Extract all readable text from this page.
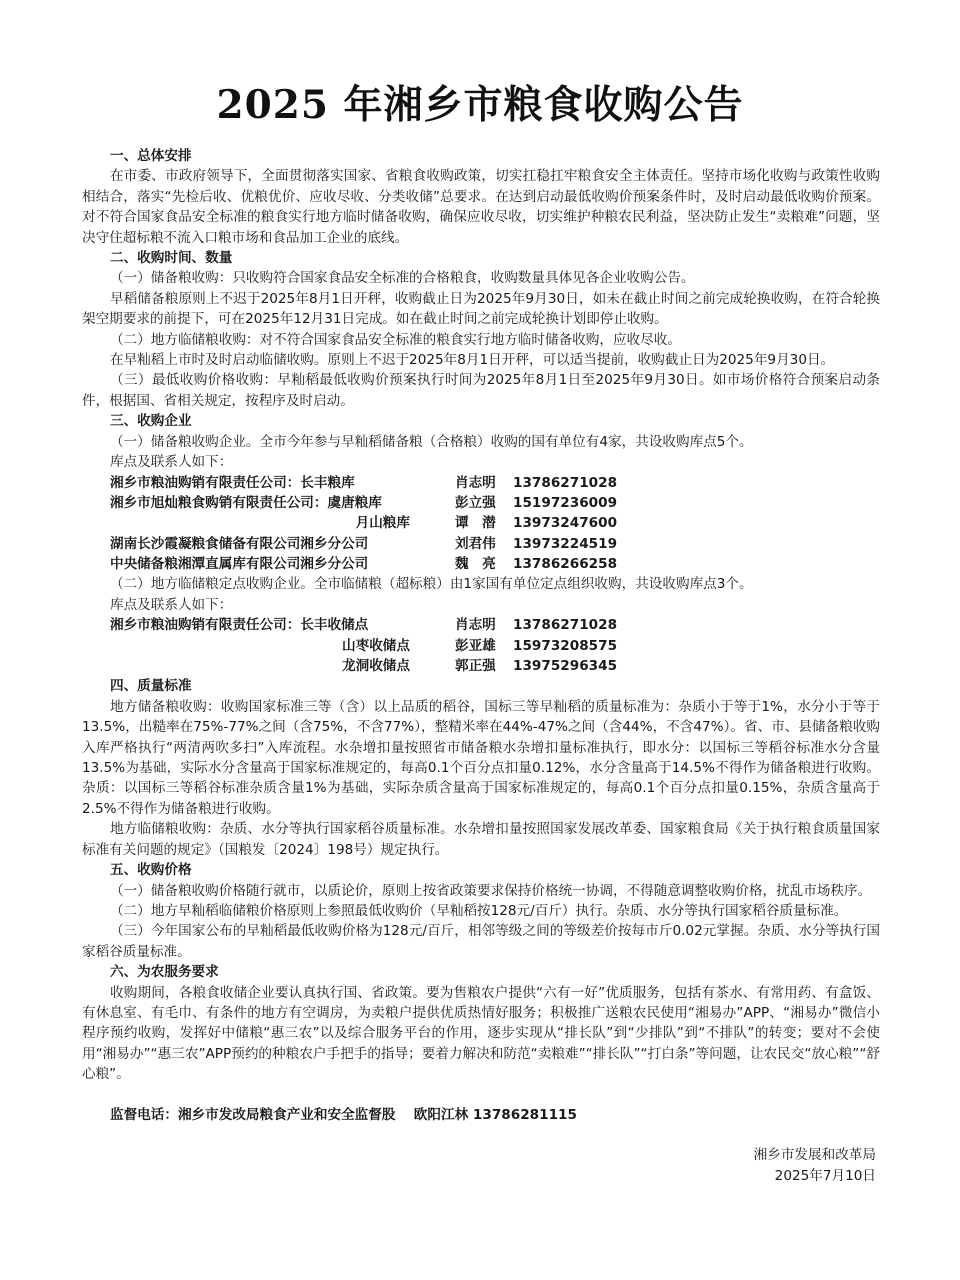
2025 年湘乡市粮食收购公告
一、总体安排
在市委、市政府领导下，全面贯彻落实国家、省粮食收购政策，切实扛稳扛牢粮食安全主体责任。坚持市场化收购与政策性收购相结合，落实“先检后收、优粮优价、应收尽收、分类收储”总要求。在达到启动最低收购价预案条件时，及时启动最低收购价预案。对不符合国家食品安全标准的粮食实行地方临时储备收购，确保应收尽收，切实维护种粮农民利益，坚决防止发生“卖粮难”问题，坚决守住超标粮不流入口粮市场和食品加工企业的底线。
二、收购时间、数量
（一）储备粮收购：只收购符合国家食品安全标准的合格粮食，收购数量具体见各企业收购公告。
早稻储备粮原则上不迟于2025年8月1日开秤，收购截止日为2025年9月30日，如未在截止时间之前完成轮换收购，在符合轮换架空期要求的前提下，可在2025年12月31日完成。如在截止时间之前完成轮换计划即停止收购。
（二）地方临储粮收购：对不符合国家食品安全标准的粮食实行地方临时储备收购，应收尽收。
在早籼稻上市时及时启动临储收购。原则上不迟于2025年8月1日开秤，可以适当提前，收购截止日为2025年9月30日。
（三）最低收购价格收购：早籼稻最低收购价预案执行时间为2025年8月1日至2025年9月30日。如市场价格符合预案启动条件，根据国、省相关规定，按程序及时启动。
三、收购企业
（一）储备粮收购企业。全市今年参与早籼稻储备粮（合格粮）收购的国有单位有4家，共设收购库点5个。
库点及联系人如下：
湘乡市粮油购销有限责任公司：长丰粮库	肖志明 13786271028
湘乡市旭灿粮食购销有限责任公司：虞唐粮库	彭立强 15197236009
月山粮库	谭　潜 13973247600
湖南长沙霞凝粮食储备有限公司湘乡分公司	刘君伟 13973224519
中央储备粮湘潭直属库有限公司湘乡分公司	魏　亮 13786266258
（二）地方临储粮定点收购企业。全市临储粮（超标粮）由1家国有单位定点组织收购，共设收购库点3个。
库点及联系人如下：
湘乡市粮油购销有限责任公司：长丰收储点	肖志明 13786271028
山枣收储点	彭亚雄 15973208575
龙洞收储点	郭正强 13975296345
四、质量标准
地方储备粮收购：收购国家标准三等（含）以上品质的稻谷，国标三等早籼稻的质量标准为：杂质小于等于1%，水分小于等于13.5%，出糙率在75%-77%之间（含75%，不含77%），整精米率在44%-47%之间（含44%，不含47%）。省、市、县储备粮收购入库严格执行“两清两吹多扫”入库流程。水杂增扣量按照省市储备粮水杂增扣量标准执行，即水分：以国标三等稻谷标准水分含量13.5%为基础，实际水分含量高于国家标准规定的，每高0.1个百分点扣量0.12%，水分含量高于14.5%不得作为储备粮进行收购。杂质：以国标三等稻谷标准杂质含量1%为基础，实际杂质含量高于国家标准规定的，每高0.1个百分点扣量0.15%，杂质含量高于2.5%不得作为储备粮进行收购。
地方临储粮收购：杂质、水分等执行国家稻谷质量标准。水杂增扣量按照国家发展改革委、国家粮食局《关于执行粮食质量国家标准有关问题的规定》（国粮发〔2024〕198号）规定执行。
五、收购价格
（一）储备粮收购价格随行就市，以质论价，原则上按省政策要求保持价格统一协调，不得随意调整收购价格，扰乱市场秩序。
（二）地方早籼稻临储粮价格原则上参照最低收购价（早籼稻按128元/百斤）执行。杂质、水分等执行国家稻谷质量标准。
（三）今年国家公布的早籼稻最低收购价格为128元/百斤，相邻等级之间的等级差价按每市斤0.02元掌握。杂质、水分等执行国家稻谷质量标准。
六、为农服务要求
收购期间，各粮食收储企业要认真执行国、省政策。要为售粮农户提供“六有一好”优质服务，包括有茶水、有常用药、有盒饭、有休息室、有毛巾、有条件的地方有空调房，为卖粮户提供优质热情好服务；积极推广送粮农民使用“湘易办”APP、“湘易办”微信小程序预约收购，发挥好中储粮“惠三农”以及综合服务平台的作用，逐步实现从“排长队”到“少排队”到“不排队”的转变；要对不会使用“湘易办”“惠三农”APP预约的种粮农户手把手的指导；要着力解决和防范“卖粮难”“排长队”“打白条”等问题，让农民交“放心粮”“舒心粮”。
监督电话：湘乡市发改局粮食产业和安全监督股　 欧阳江林 13786281115
湘乡市发展和改革局
2025年7月10日
